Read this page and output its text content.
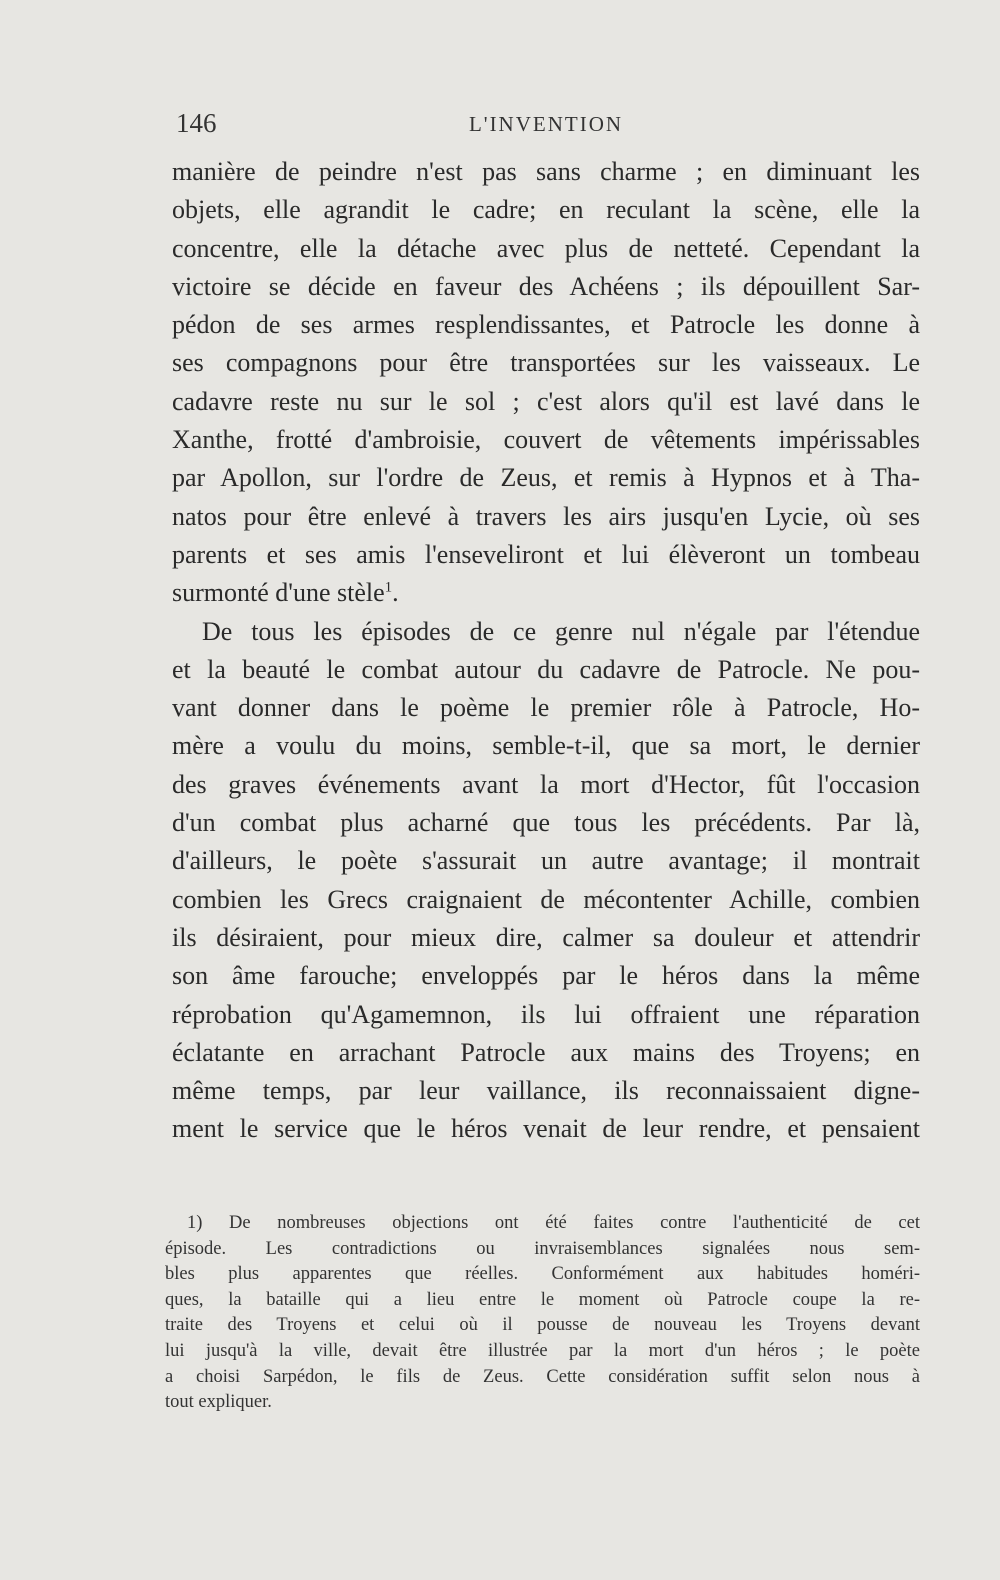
146	L'INVENTION
manière de peindre n'est pas sans charme ; en diminuant les
objets, elle agrandit le cadre; en reculant la scène, elle la
concentre, elle la détache avec plus de netteté. Cependant la
victoire se décide en faveur des Achéens ; ils dépouillent Sar-
pédon de ses armes resplendissantes, et Patrocle les donne à
ses compagnons pour être transportées sur les vaisseaux. Le
cadavre reste nu sur le sol ; c'est alors qu'il est lavé dans le
Xanthe, frotté d'ambroisie, couvert de vêtements impérissables
par Apollon, sur l'ordre de Zeus, et remis à Hypnos et à Tha-
natos pour être enlevé à travers les airs jusqu'en Lycie, où ses
parents et ses amis l'enseveliront et lui élèveront un tombeau
surmonté d'une stèle$^1$.
De tous les épisodes de ce genre nul n'égale par l'étendue
et la beauté le combat autour du cadavre de Patrocle. Ne pou-
vant donner dans le poème le premier rôle à Patrocle, Ho-
mère a voulu du moins, semble-t-il, que sa mort, le dernier
des graves événements avant la mort d'Hector, fût l'occasion
d'un combat plus acharné que tous les précédents. Par là,
d'ailleurs, le poète s'assurait un autre avantage; il montrait
combien les Grecs craignaient de mécontenter Achille, combien
ils désiraient, pour mieux dire, calmer sa douleur et attendrir
son âme farouche; enveloppés par le héros dans la même
réprobation qu'Agamemnon, ils lui offraient une réparation
éclatante en arrachant Patrocle aux mains des Troyens; en
même temps, par leur vaillance, ils reconnaissaient digne-
ment le service que le héros venait de leur rendre, et pensaient
1) De nombreuses objections ont été faites contre l'authenticité de cet
épisode. Les contradictions ou invraisemblances signalées nous sem-
bles plus apparentes que réelles. Conformément aux habitudes homéri-
ques, la bataille qui a lieu entre le moment où Patrocle coupe la re-
traite des Troyens et celui où il pousse de nouveau les Troyens devant
lui jusqu'à la ville, devait être illustrée par la mort d'un héros ; le poète
a choisi Sarpédon, le fils de Zeus. Cette considération suffit selon nous à
tout expliquer.
